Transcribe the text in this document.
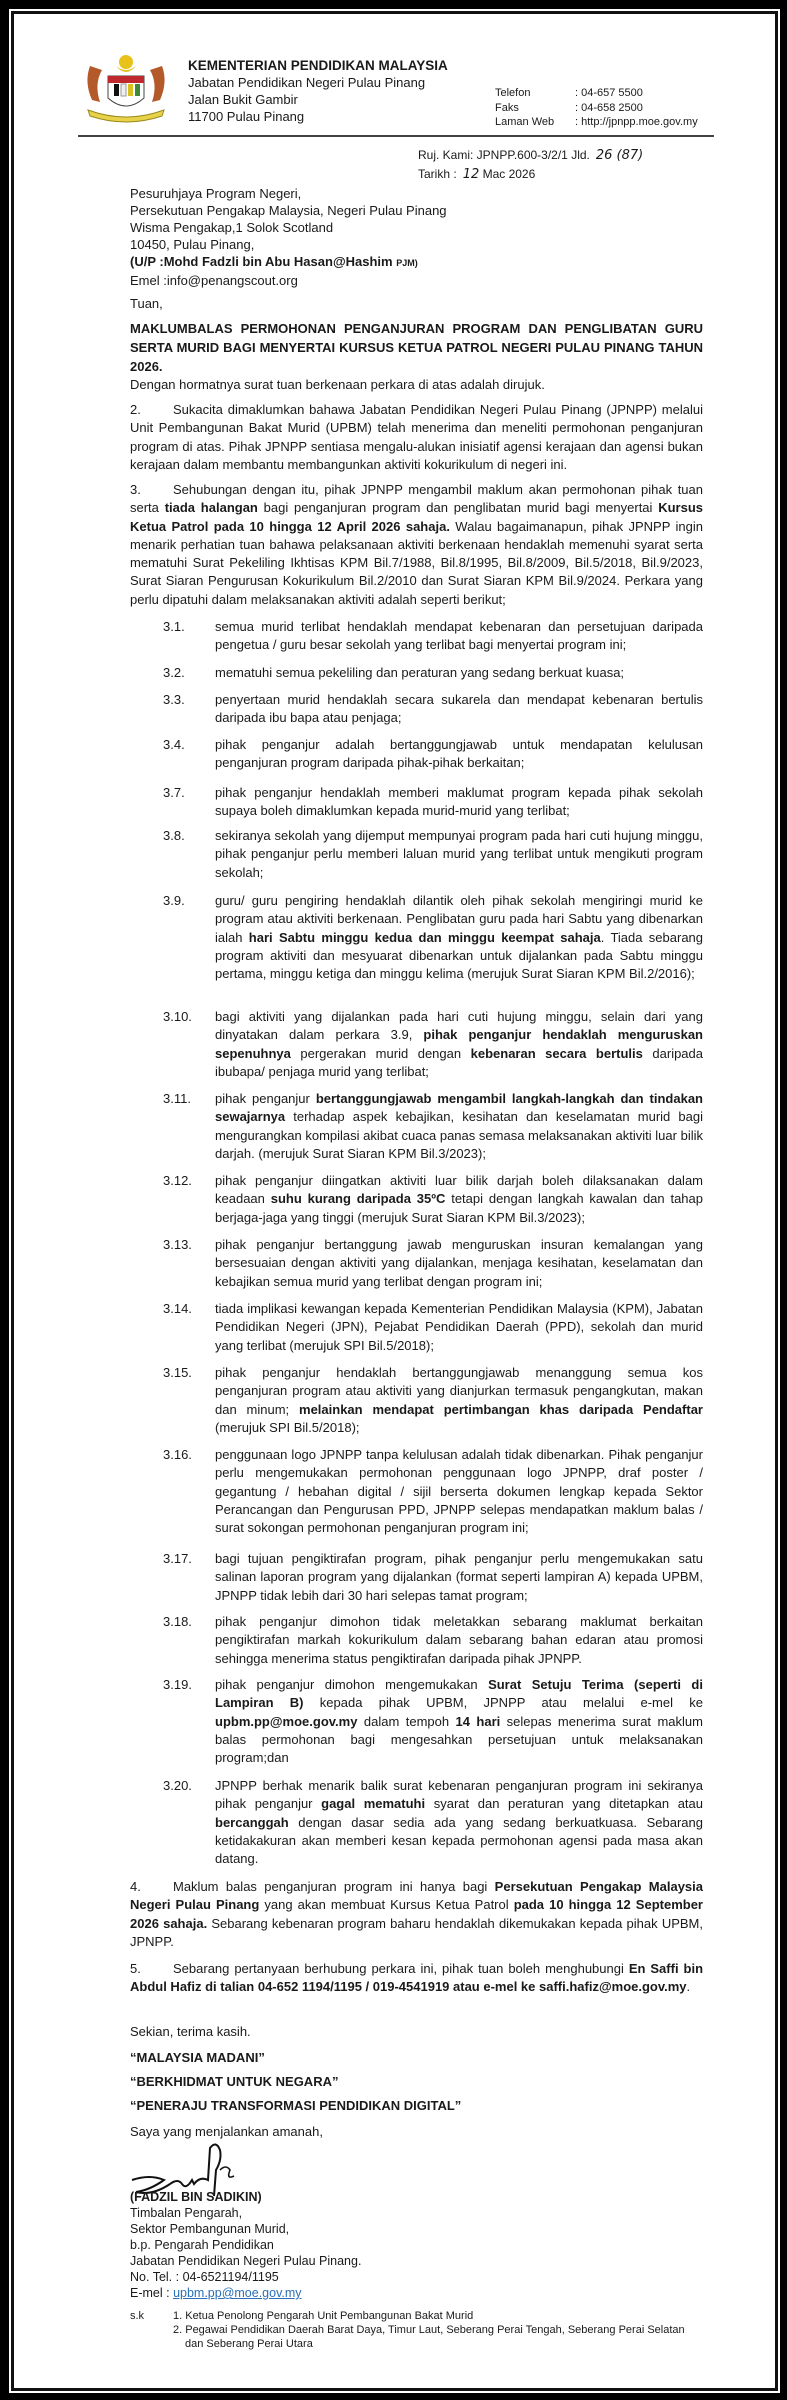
KEMENTERIAN PENDIDIKAN MALAYSIA
Jabatan Pendidikan Negeri Pulau Pinang
Jalan Bukit Gambir
11700 Pulau Pinang
Telefon	: 04-657 5500
Faks	: 04-658 2500
Laman Web	: http://jpnpp.moe.gov.my
Ruj. Kami: JPNPP.600-3/2/1 Jld. 26 (87)
Tarikh : 12 Mac 2026
Pesuruhjaya Program Negeri,
Persekutuan Pengakap Malaysia, Negeri Pulau Pinang
Wisma Pengakap,1 Solok Scotland
10450, Pulau Pinang,
(U/P :Mohd Fadzli bin Abu Hasan@Hashim PJM)
Emel :info@penangscout.org
Tuan,
MAKLUMBALAS PERMOHONAN PENGANJURAN PROGRAM DAN PENGLIBATAN GURU SERTA MURID BAGI MENYERTAI KURSUS KETUA PATROL NEGERI PULAU PINANG TAHUN 2026.
Dengan hormatnya surat tuan berkenaan perkara di atas adalah dirujuk.
2. Sukacita dimaklumkan bahawa Jabatan Pendidikan Negeri Pulau Pinang (JPNPP) melalui Unit Pembangunan Bakat Murid (UPBM) telah menerima dan meneliti permohonan penganjuran program di atas. Pihak JPNPP sentiasa mengalu-alukan inisiatif agensi kerajaan dan agensi bukan kerajaan dalam membantu membangunkan aktiviti kokurikulum di negeri ini.
3. Sehubungan dengan itu, pihak JPNPP mengambil maklum akan permohonan pihak tuan serta tiada halangan bagi penganjuran program dan penglibatan murid bagi menyertai Kursus Ketua Patrol pada 10 hingga 12 April 2026 sahaja. Walau bagaimanapun, pihak JPNPP ingin menarik perhatian tuan bahawa pelaksanaan aktiviti berkenaan hendaklah memenuhi syarat serta mematuhi Surat Pekeliling Ikhtisas KPM Bil.7/1988, Bil.8/1995, Bil.8/2009, Bil.5/2018, Bil.9/2023, Surat Siaran Pengurusan Kokurikulum Bil.2/2010 dan Surat Siaran KPM Bil.9/2024. Perkara yang perlu dipatuhi dalam melaksanakan aktiviti adalah seperti berikut;
3.1.	semua murid terlibat hendaklah mendapat kebenaran dan persetujuan daripada pengetua / guru besar sekolah yang terlibat bagi menyertai program ini;
3.2.	mematuhi semua pekeliling dan peraturan yang sedang berkuat kuasa;
3.3.	penyertaan murid hendaklah secara sukarela dan mendapat kebenaran bertulis daripada ibu bapa atau penjaga;
3.4.	pihak penganjur adalah bertanggungjawab untuk mendapatan kelulusan penganjuran program daripada pihak-pihak berkaitan;
3.7.	pihak penganjur hendaklah memberi maklumat program kepada pihak sekolah supaya boleh dimaklumkan kepada murid-murid yang terlibat;
3.8.	sekiranya sekolah yang dijemput mempunyai program pada hari cuti hujung minggu, pihak penganjur perlu memberi laluan murid yang terlibat untuk mengikuti program sekolah;
3.9.	guru/ guru pengiring hendaklah dilantik oleh pihak sekolah mengiringi murid ke program atau aktiviti berkenaan. Penglibatan guru pada hari Sabtu yang dibenarkan ialah hari Sabtu minggu kedua dan minggu keempat sahaja. Tiada sebarang program aktiviti dan mesyuarat dibenarkan untuk dijalankan pada Sabtu minggu pertama, minggu ketiga dan minggu kelima (merujuk Surat Siaran KPM Bil.2/2016);
3.10.	bagi aktiviti yang dijalankan pada hari cuti hujung minggu, selain dari yang dinyatakan dalam perkara 3.9, pihak penganjur hendaklah menguruskan sepenuhnya pergerakan murid dengan kebenaran secara bertulis daripada ibubapa/ penjaga murid yang terlibat;
3.11.	pihak penganjur bertanggungjawab mengambil langkah-langkah dan tindakan sewajarnya terhadap aspek kebajikan, kesihatan dan keselamatan murid bagi mengurangkan kompilasi akibat cuaca panas semasa melaksanakan aktiviti luar bilik darjah. (merujuk Surat Siaran KPM Bil.3/2023);
3.12.	pihak penganjur diingatkan aktiviti luar bilik darjah boleh dilaksanakan dalam keadaan suhu kurang daripada 35ºC tetapi dengan langkah kawalan dan tahap berjaga-jaga yang tinggi (merujuk Surat Siaran KPM Bil.3/2023);
3.13.	pihak penganjur bertanggung jawab menguruskan insuran kemalangan yang bersesuaian dengan aktiviti yang dijalankan, menjaga kesihatan, keselamatan dan kebajikan semua murid yang terlibat dengan program ini;
3.14.	tiada implikasi kewangan kepada Kementerian Pendidikan Malaysia (KPM), Jabatan Pendidikan Negeri (JPN), Pejabat Pendidikan Daerah (PPD), sekolah dan murid yang terlibat (merujuk SPI Bil.5/2018);
3.15.	pihak penganjur hendaklah bertanggungjawab menanggung semua kos penganjuran program atau aktiviti yang dianjurkan termasuk pengangkutan, makan dan minum; melainkan mendapat pertimbangan khas daripada Pendaftar (merujuk SPI Bil.5/2018);
3.16.	penggunaan logo JPNPP tanpa kelulusan adalah tidak dibenarkan. Pihak penganjur perlu mengemukakan permohonan penggunaan logo JPNPP, draf poster / gegantung / hebahan digital / sijil berserta dokumen lengkap kepada Sektor Perancangan dan Pengurusan PPD, JPNPP selepas mendapatkan maklum balas / surat sokongan permohonan penganjuran program ini;
3.17.	bagi tujuan pengiktirafan program, pihak penganjur perlu mengemukakan satu salinan laporan program yang dijalankan (format seperti lampiran A) kepada UPBM, JPNPP tidak lebih dari 30 hari selepas tamat program;
3.18.	pihak penganjur dimohon tidak meletakkan sebarang maklumat berkaitan pengiktirafan markah kokurikulum dalam sebarang bahan edaran atau promosi sehingga menerima status pengiktirafan daripada pihak JPNPP.
3.19.	pihak penganjur dimohon mengemukakan Surat Setuju Terima (seperti di Lampiran B) kepada pihak UPBM, JPNPP atau melalui e-mel ke upbm.pp@moe.gov.my dalam tempoh 14 hari selepas menerima surat maklum balas permohonan bagi mengesahkan persetujuan untuk melaksanakan program;dan
3.20.	JPNPP berhak menarik balik surat kebenaran penganjuran program ini sekiranya pihak penganjur gagal mematuhi syarat dan peraturan yang ditetapkan atau bercanggah dengan dasar sedia ada yang sedang berkuatkuasa. Sebarang ketidakakuran akan memberi kesan kepada permohonan agensi pada masa akan datang.
4. Maklum balas penganjuran program ini hanya bagi Persekutuan Pengakap Malaysia Negeri Pulau Pinang yang akan membuat Kursus Ketua Patrol pada 10 hingga 12 September 2026 sahaja. Sebarang kebenaran program baharu hendaklah dikemukakan kepada pihak UPBM, JPNPP.
5. Sebarang pertanyaan berhubung perkara ini, pihak tuan boleh menghubungi En Saffi bin Abdul Hafiz di talian 04-652 1194/1195 / 019-4541919 atau e-mel ke saffi.hafiz@moe.gov.my.
Sekian, terima kasih.
“MALAYSIA MADANI”
“BERKHIDMAT UNTUK NEGARA”
“PENERAJU TRANSFORMASI PENDIDIKAN DIGITAL”
Saya yang menjalankan amanah,
(FADZIL BIN SADIKIN)
Timbalan Pengarah,
Sektor Pembangunan Murid,
b.p. Pengarah Pendidikan
Jabatan Pendidikan Negeri Pulau Pinang.
No. Tel. : 04-6521194/1195
E-mel : upbm.pp@moe.gov.my
s.k	1. Ketua Penolong Pengarah Unit Pembangunan Bakat Murid
2. Pegawai Pendidikan Daerah Barat Daya, Timur Laut, Seberang Perai Tengah, Seberang Perai Selatan dan Seberang Perai Utara
